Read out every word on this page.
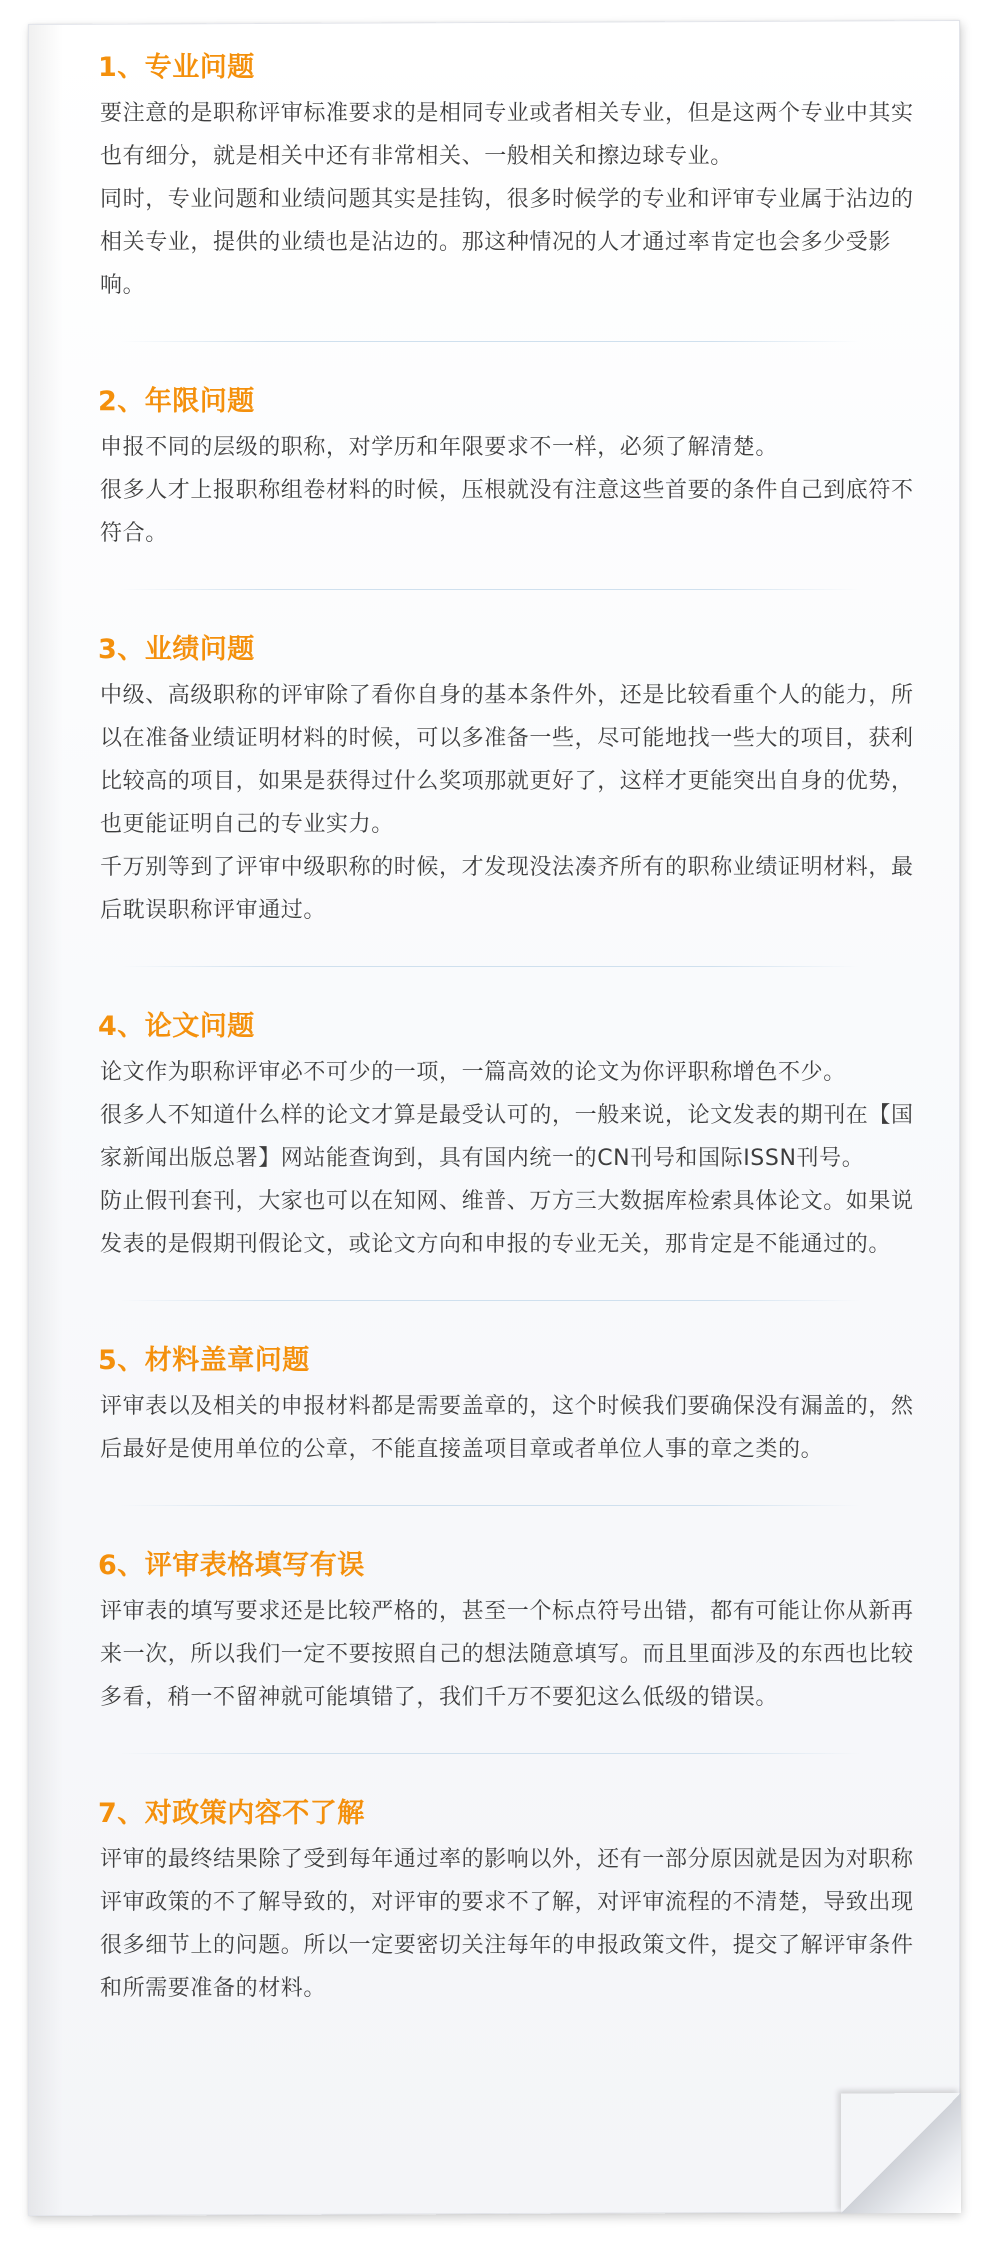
1、专业问题

要注意的是职称评审标准要求的是相同专业或者相关专业，但是这两个专业中其实也有细分，就是相关中还有非常相关、一般相关和擦边球专业。

同时，专业问题和业绩问题其实是挂钩，很多时候学的专业和评审专业属于沾边的相关专业，提供的业绩也是沾边的。那这种情况的人才通过率肯定也会多少受影响。

2、年限问题

申报不同的层级的职称，对学历和年限要求不一样，必须了解清楚。

很多人才上报职称组卷材料的时候，压根就没有注意这些首要的条件自己到底符不符合。

3、业绩问题

中级、高级职称的评审除了看你自身的基本条件外，还是比较看重个人的能力，所以在准备业绩证明材料的时候，可以多准备一些，尽可能地找一些大的项目，获利比较高的项目，如果是获得过什么奖项那就更好了，这样才更能突出自身的优势，也更能证明自己的专业实力。

千万别等到了评审中级职称的时候，才发现没法凑齐所有的职称业绩证明材料，最后耽误职称评审通过。

4、论文问题

论文作为职称评审必不可少的一项，一篇高效的论文为你评职称增色不少。

很多人不知道什么样的论文才算是最受认可的，一般来说，论文发表的期刊在【国家新闻出版总署】网站能查询到，具有国内统一的CN刊号和国际ISSN刊号。

防止假刊套刊，大家也可以在知网、维普、万方三大数据库检索具体论文。如果说发表的是假期刊假论文，或论文方向和申报的专业无关，那肯定是不能通过的。

5、材料盖章问题

评审表以及相关的申报材料都是需要盖章的，这个时候我们要确保没有漏盖的，然后最好是使用单位的公章，不能直接盖项目章或者单位人事的章之类的。

6、评审表格填写有误

评审表的填写要求还是比较严格的，甚至一个标点符号出错，都有可能让你从新再来一次，所以我们一定不要按照自己的想法随意填写。而且里面涉及的东西也比较多看，稍一不留神就可能填错了，我们千万不要犯这么低级的错误。

7、对政策内容不了解

评审的最终结果除了受到每年通过率的影响以外，还有一部分原因就是因为对职称评审政策的不了解导致的，对评审的要求不了解，对评审流程的不清楚，导致出现很多细节上的问题。所以一定要密切关注每年的申报政策文件，提交了解评审条件和所需要准备的材料。
